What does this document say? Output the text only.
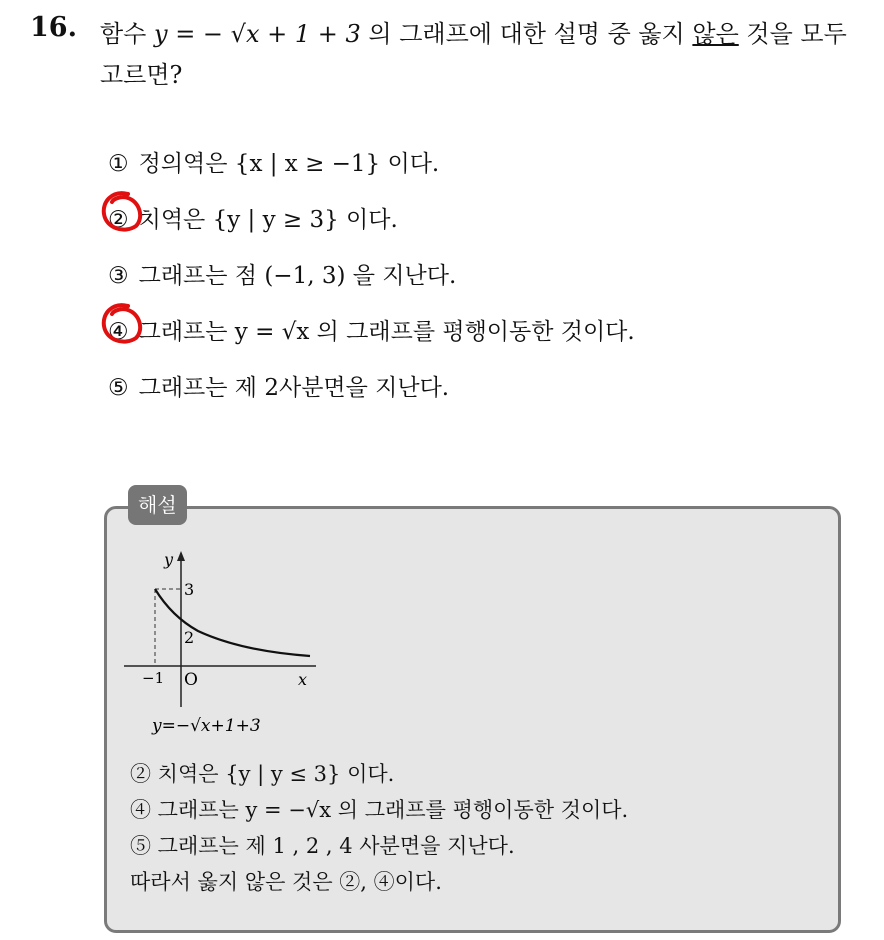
16. 함수 y = − √x + 1 + 3 의 그래프에 대한 설명 중 옳지 않은 것을 모두
고르면?
① 정의역은 {x | x ≥ −1} 이다.
② 치역은 {y | y ≥ 3} 이다.
③ 그래프는 점 (−1, 3) 을 지난다.
④ 그래프는 y = √x 의 그래프를 평행이동한 것이다.
⑤ 그래프는 제 2사분면을 지난다.
해설
y
3
2
−1 O	x
y=−√x+1+3
② 치역은 {y | y ≤ 3} 이다.
④ 그래프는 y = −√x 의 그래프를 평행이동한 것이다.
⑤ 그래프는 제 1 , 2 , 4 사분면을 지난다.
따라서 옳지 않은 것은 ②, ④이다.
